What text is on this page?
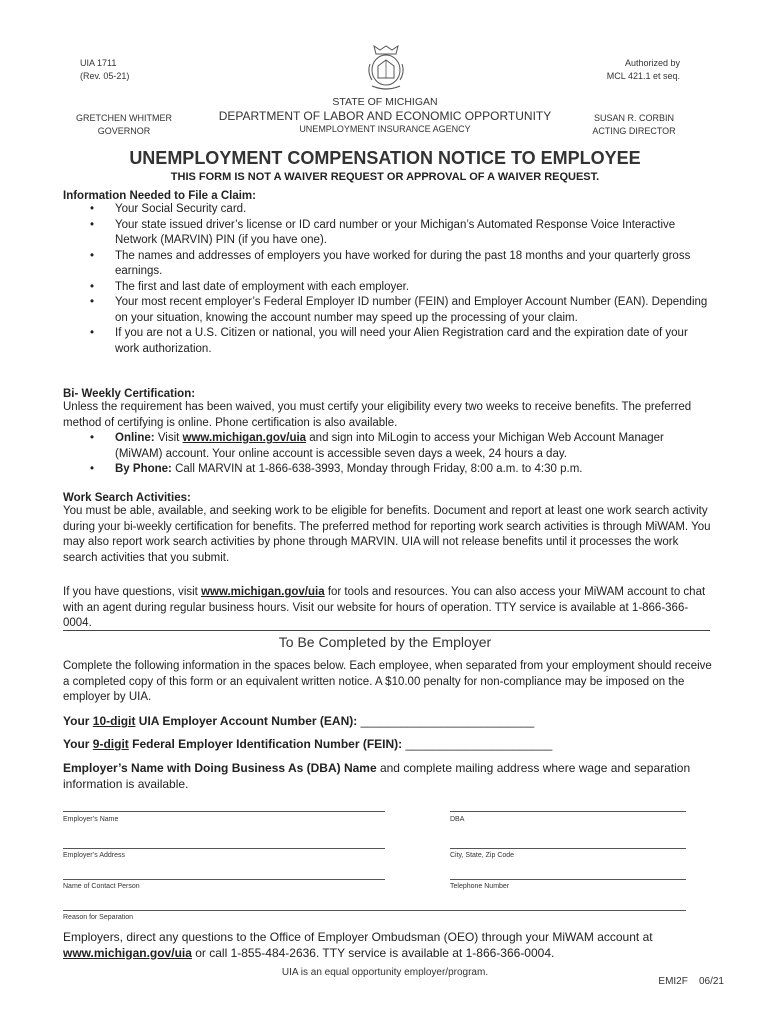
UIA 1711
(Rev. 05-21)
Authorized by
MCL 421.1 et seq.
STATE OF MICHIGAN
DEPARTMENT OF LABOR AND ECONOMIC OPPORTUNITY
UNEMPLOYMENT INSURANCE AGENCY
GRETCHEN WHITMER
GOVERNOR
SUSAN R. CORBIN
ACTING DIRECTOR
UNEMPLOYMENT COMPENSATION NOTICE TO EMPLOYEE
THIS FORM IS NOT A WAIVER REQUEST OR APPROVAL OF A WAIVER REQUEST.
Information Needed to File a Claim:
• Your Social Security card.
• Your state issued driver’s license or ID card number or your Michigan’s Automated Response Voice Interactive Network (MARVIN) PIN (if you have one).
• The names and addresses of employers you have worked for during the past 18 months and your quarterly gross earnings.
• The first and last date of employment with each employer.
• Your most recent employer’s Federal Employer ID number (FEIN) and Employer Account Number (EAN). Depending on your situation, knowing the account number may speed up the processing of your claim.
• If you are not a U.S. Citizen or national, you will need your Alien Registration card and the expiration date of your work authorization.
Bi- Weekly Certification:
Unless the requirement has been waived, you must certify your eligibility every two weeks to receive benefits. The preferred method of certifying is online. Phone certification is also available.
• Online: Visit www.michigan.gov/uia and sign into MiLogin to access your Michigan Web Account Manager (MiWAM) account. Your online account is accessible seven days a week, 24 hours a day.
• By Phone: Call MARVIN at 1-866-638-3993, Monday through Friday, 8:00 a.m. to 4:30 p.m.
Work Search Activities:
You must be able, available, and seeking work to be eligible for benefits. Document and report at least one work search activity during your bi-weekly certification for benefits. The preferred method for reporting work search activities is through MiWAM. You may also report work search activities by phone through MARVIN. UIA will not release benefits until it processes the work search activities that you submit.
If you have questions, visit www.michigan.gov/uia for tools and resources. You can also access your MiWAM account to chat with an agent during regular business hours. Visit our website for hours of operation. TTY service is available at 1-866-366-0004.
To Be Completed by the Employer
Complete the following information in the spaces below. Each employee, when separated from your employment should receive a completed copy of this form or an equivalent written notice. A $10.00 penalty for non-compliance may be imposed on the employer by UIA.
Your 10-digit UIA Employer Account Number (EAN): __________________________
Your 9-digit Federal Employer Identification Number (FEIN): ______________________
Employer’s Name with Doing Business As (DBA) Name and complete mailing address where wage and separation information is available.
Employer’s Name	DBA
Employer’s Address	City, State, Zip Code
Name of Contact Person	Telephone Number
Reason for Separation
Employers, direct any questions to the Office of Employer Ombudsman (OEO) through your MiWAM account at www.michigan.gov/uia or call 1-855-484-2636. TTY service is available at 1-866-366-0004.
UIA is an equal opportunity employer/program.
EMI2F    06/21
